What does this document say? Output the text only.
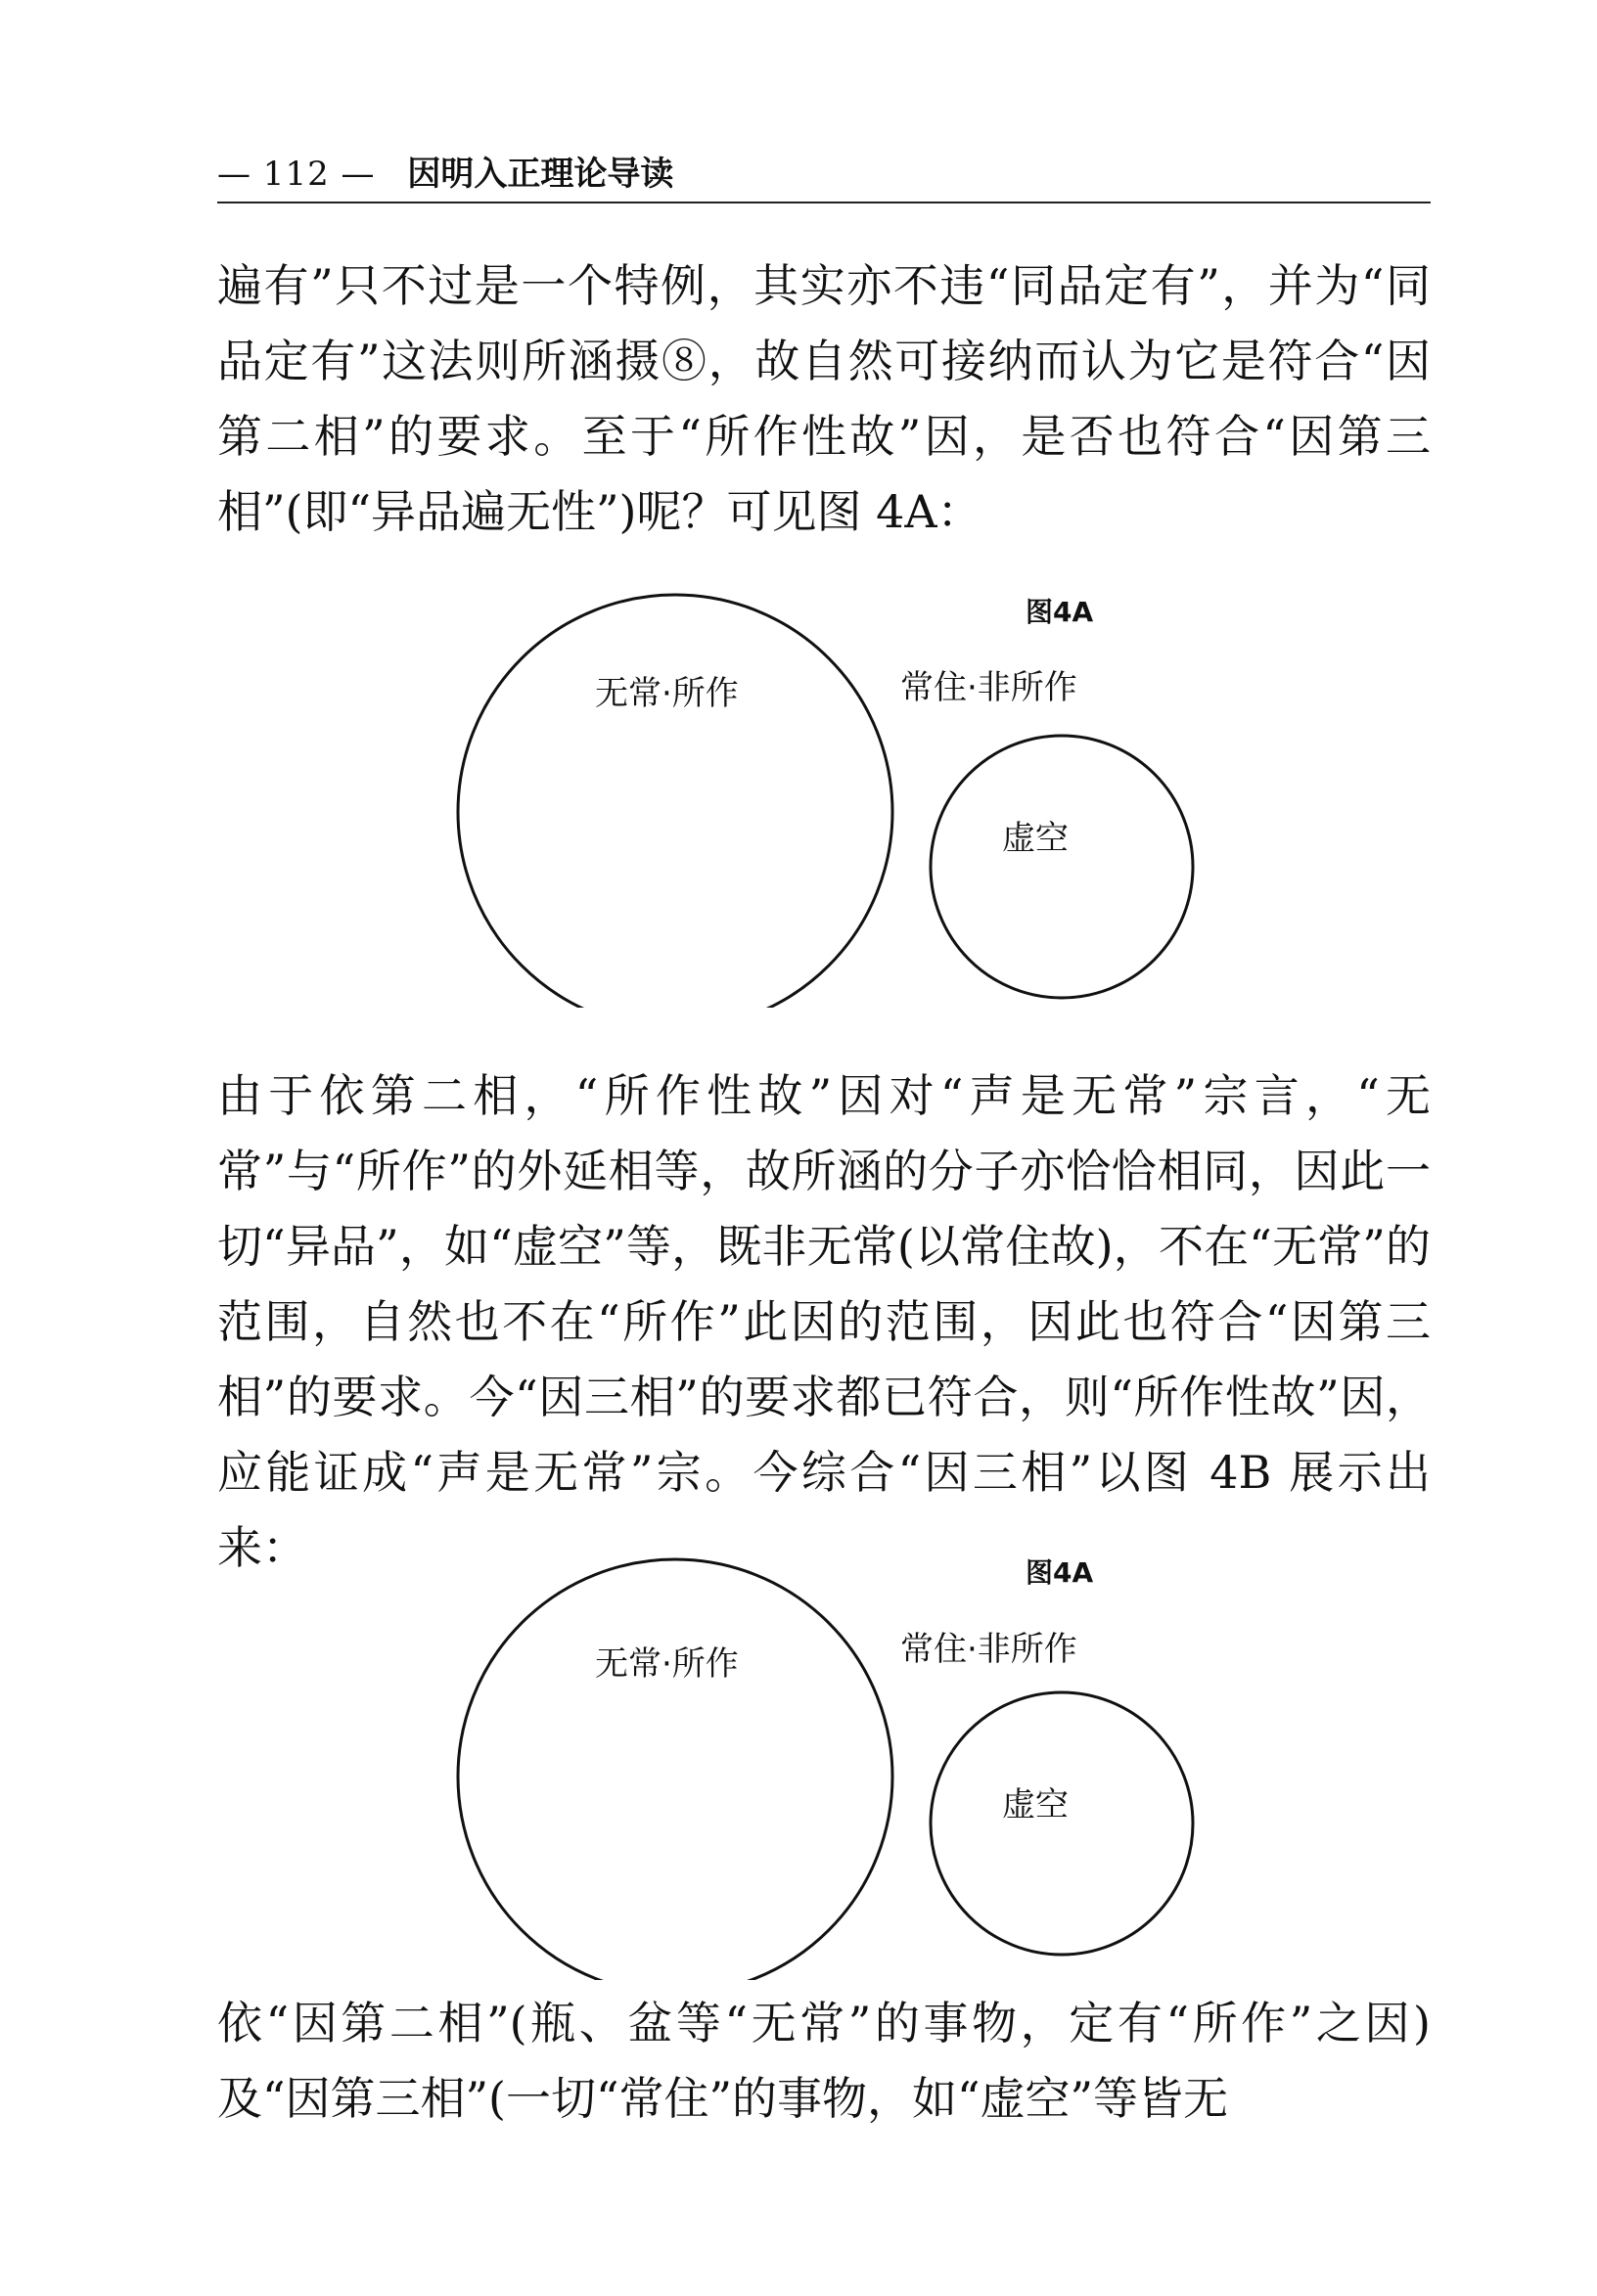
— 112 — 因明入正理论导读

遍有”只不过是一个特例，其实亦不违“同品定有”，并为“同品定有”这法则所涵摄⑧，故自然可接纳而认为它是符合“因第二相”的要求。至于“所作性故”因，是否也符合“因第三相”(即“异品遍无性”)呢？可见图 4A：

图4A
无常·所作	常住·非所作
虚空

由于依第二相，“所作性故”因对“声是无常”宗言，“无常”与“所作”的外延相等，故所涵的分子亦恰恰相同，因此一切“异品”，如“虚空”等，既非无常(以常住故)，不在“无常”的范围，自然也不在“所作”此因的范围，因此也符合“因第三相”的要求。今“因三相”的要求都已符合，则“所作性故”因，应能证成“声是无常”宗。今综合“因三相”以图 4B 展示出来：	图4A
无常·所作	常住·非所作
虚空

依“因第二相”(瓶、盆等“无常”的事物，定有“所作”之因)及“因第三相”(一切“常住”的事物，如“虚空”等皆无
